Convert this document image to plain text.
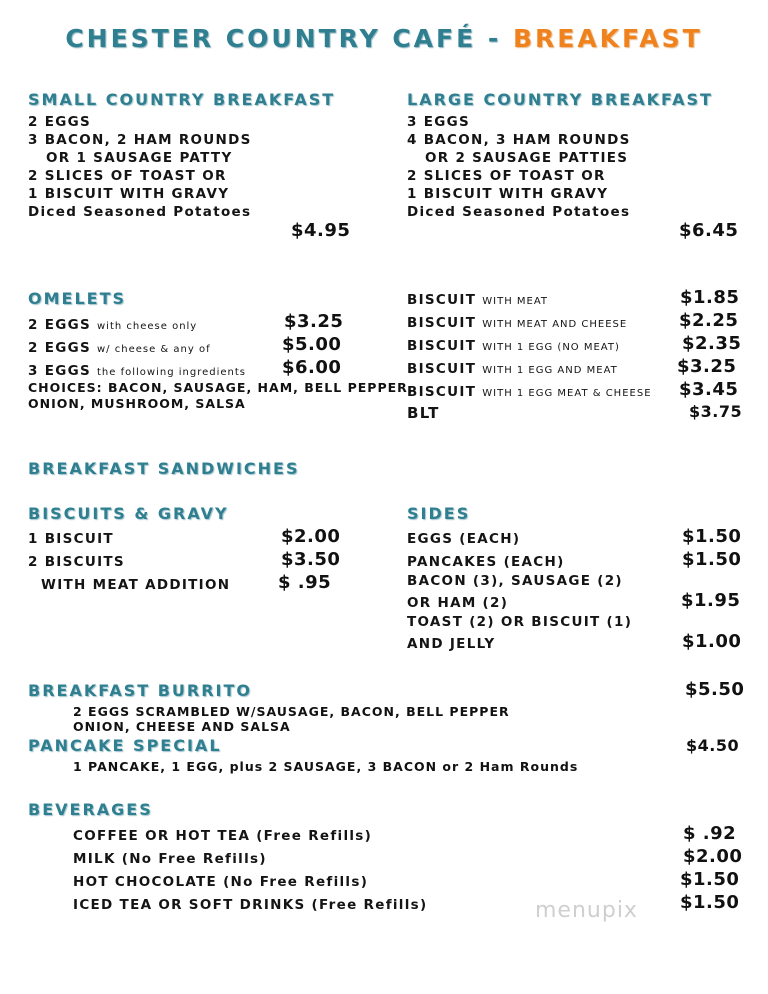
CHESTER COUNTRY CAFÉ - BREAKFAST
SMALL COUNTRY BREAKFAST
2 EGGS
3 BACON, 2 HAM ROUNDS
OR 1 SAUSAGE PATTY
2 SLICES OF TOAST OR
1 BISCUIT WITH GRAVY
Diced Seasoned Potatoes
$4.95
LARGE COUNTRY BREAKFAST
3 EGGS
4 BACON, 3 HAM ROUNDS
OR 2 SAUSAGE PATTIES
2 SLICES OF TOAST OR
1 BISCUIT WITH GRAVY
Diced Seasoned Potatoes
$6.45
OMELETS
2 EGGS with cheese only	$3.25
2 EGGS w/ cheese & any of	$5.00
3 EGGS the following ingredients $6.00
CHOICES: BACON, SAUSAGE, HAM, BELL PEPPER,
ONION, MUSHROOM, SALSA
BISCUIT WITH MEAT	$1.85
BISCUIT WITH MEAT AND CHEESE	$2.25
BISCUIT WITH 1 EGG (NO MEAT)	$2.35
BISCUIT WITH 1 EGG AND MEAT	$3.25
BISCUIT WITH 1 EGG MEAT & CHEESE $3.45
BLT	$3.75
BREAKFAST SANDWICHES
BISCUITS & GRAVY
1 BISCUIT	$2.00
2 BISCUITS	$3.50
WITH MEAT ADDITION	$ .95
SIDES
EGGS (EACH)	$1.50
PANCAKES (EACH)	$1.50
BACON (3), SAUSAGE (2)
OR HAM (2)	$1.95
TOAST (2) OR BISCUIT (1)
AND JELLY	$1.00
BREAKFAST BURRITO	$5.50
2 EGGS SCRAMBLED W/SAUSAGE, BACON, BELL PEPPER
ONION, CHEESE AND SALSA
PANCAKE SPECIAL	$4.50
1 PANCAKE, 1 EGG, plus 2 SAUSAGE, 3 BACON or 2 Ham Rounds
BEVERAGES
COFFEE OR HOT TEA (Free Refills)	$ .92
MILK (No Free Refills)	$2.00
HOT CHOCOLATE (No Free Refills)	$1.50
ICED TEA OR SOFT DRINKS (Free Refills)	$1.50
menupix
